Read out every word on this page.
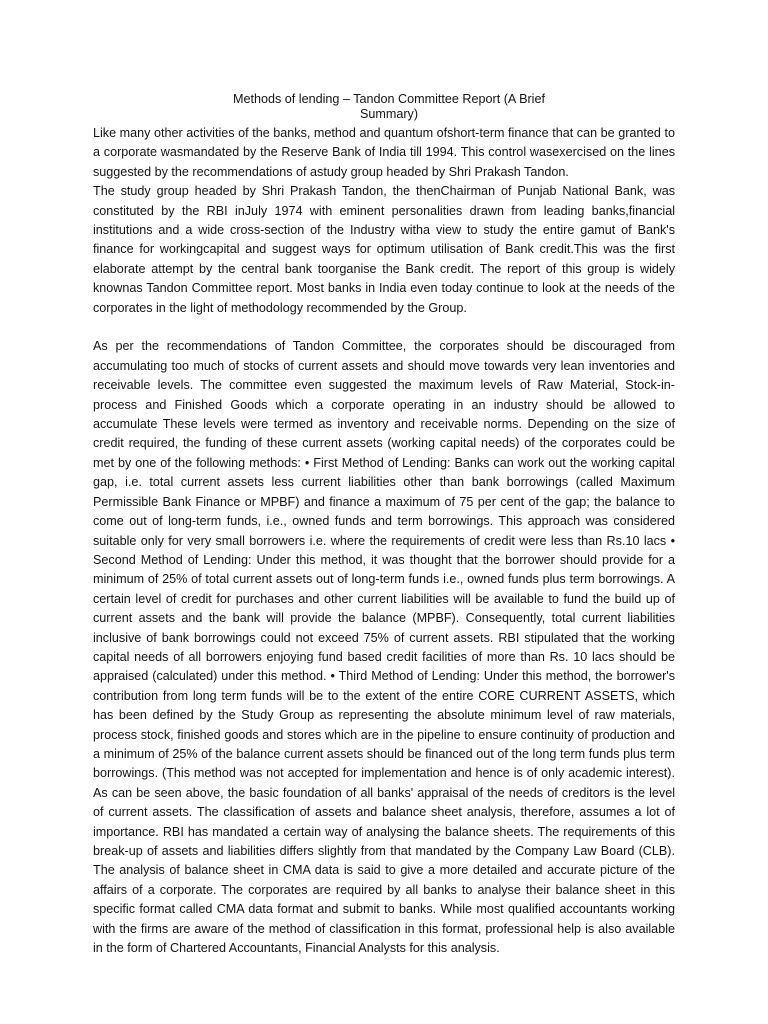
Methods of lending – Tandon Committee Report (A Brief
Summary)

Like many other activities of the banks, method and quantum ofshort-term finance that can be granted to a corporate wasmandated by the Reserve Bank of India till 1994. This control wasexercised on the lines suggested by the recommendations of astudy group headed by Shri Prakash Tandon.

The study group headed by Shri Prakash Tandon, the thenChairman of Punjab National Bank, was constituted by the RBI inJuly 1974 with eminent personalities drawn from leading banks,financial institutions and a wide cross-section of the Industry witha view to study the entire gamut of Bank's finance for workingcapital and suggest ways for optimum utilisation of Bank credit.This was the first elaborate attempt by the central bank toorganise the Bank credit. The report of this group is widely knownas Tandon Committee report. Most banks in India even today continue to look at the needs of the corporates in the light of methodology recommended by the Group.

As per the recommendations of Tandon Committee, the corporates should be discouraged from accumulating too much of stocks of current assets and should move towards very lean inventories and receivable levels. The committee even suggested the maximum levels of Raw Material, Stock-in-process and Finished Goods which a corporate operating in an industry should be allowed to accumulate These levels were termed as inventory and receivable norms. Depending on the size of credit required, the funding of these current assets (working capital needs) of the corporates could be met by one of the following methods: • First Method of Lending: Banks can work out the working capital gap, i.e. total current assets less current liabilities other than bank borrowings (called Maximum Permissible Bank Finance or MPBF) and finance a maximum of 75 per cent of the gap; the balance to come out of long-term funds, i.e., owned funds and term borrowings. This approach was considered suitable only for very small borrowers i.e. where the requirements of credit were less than Rs.10 lacs • Second Method of Lending: Under this method, it was thought that the borrower should provide for a minimum of 25% of total current assets out of long-term funds i.e., owned funds plus term borrowings. A certain level of credit for purchases and other current liabilities will be available to fund the build up of current assets and the bank will provide the balance (MPBF). Consequently, total current liabilities inclusive of bank borrowings could not exceed 75% of current assets. RBI stipulated that the working capital needs of all borrowers enjoying fund based credit facilities of more than Rs. 10 lacs should be appraised (calculated) under this method. • Third Method of Lending: Under this method, the borrower's contribution from long term funds will be to the extent of the entire CORE CURRENT ASSETS, which has been defined by the Study Group as representing the absolute minimum level of raw materials, process stock, finished goods and stores which are in the pipeline to ensure continuity of production and a minimum of 25% of the balance current assets should be financed out of the long term funds plus term borrowings. (This method was not accepted for implementation and hence is of only academic interest). As can be seen above, the basic foundation of all banks' appraisal of the needs of creditors is the level of current assets. The classification of assets and balance sheet analysis, therefore, assumes a lot of importance. RBI has mandated a certain way of analysing the balance sheets. The requirements of this break-up of assets and liabilities differs slightly from that mandated by the Company Law Board (CLB). The analysis of balance sheet in CMA data is said to give a more detailed and accurate picture of the affairs of a corporate. The corporates are required by all banks to analyse their balance sheet in this specific format called CMA data format and submit to banks. While most qualified accountants working with the firms are aware of the method of classification in this format, professional help is also available in the form of Chartered Accountants, Financial Analysts for this analysis.
